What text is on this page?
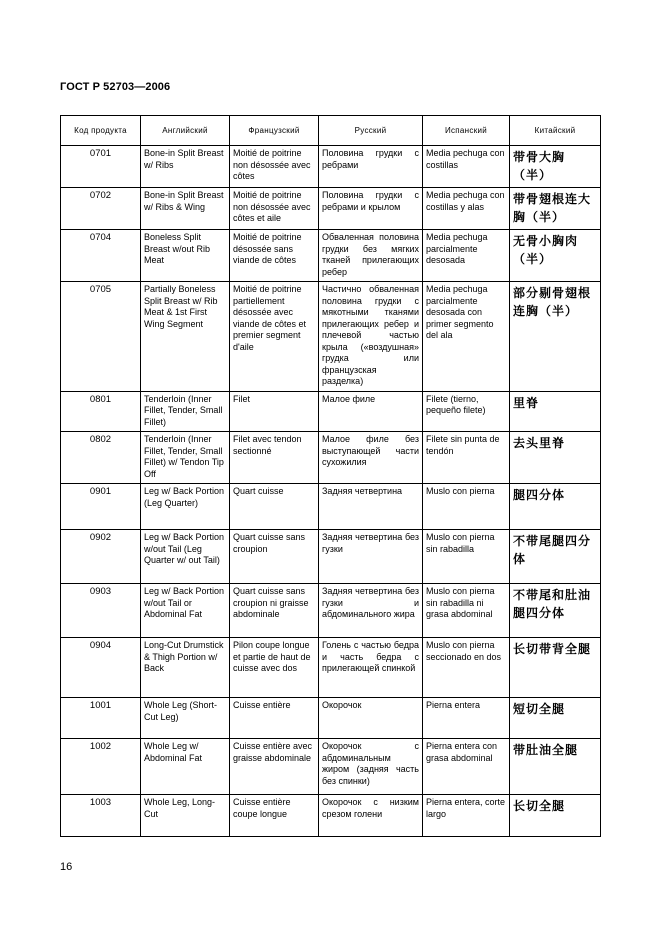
ГОСТ Р 52703—2006
Код продукта	Английский	Французский	Русский	Испанский	Китайский
0701	Bone-in Split Breast w/ Ribs	Moitié de poitrine non désossée avec côtes	Половина грудки с ребрами	Media pechuga con costillas	带骨大胸（半）
0702	Bone-in Split Breast w/ Ribs & Wing	Moitié de poitrine non désossée avec côtes et aile	Половина грудки с ребрами и крылом	Media pechuga con costillas y alas	带骨翅根连大胸（半）
0704	Boneless Split Breast w/out Rib Meat	Moitié de poitrine désossée sans viande de côtes	Обваленная половина грудки без мягких тканей прилегающих ребер	Media pechuga parcialmente desosada	无骨小胸肉（半）
0705	Partially Boneless Split Breast w/ Rib Meat & 1st First Wing Segment	Moitié de poitrine partiellement désossée avec viande de côtes et premier segment d'aile	Частично обваленная половина грудки с мякотными тканями прилегающих ребер и плечевой частью крыла («воздушная» грудка или французская разделка)	Media pechuga parcialmente desosada con primer segmento del ala	部分剔骨翅根连胸（半）
0801	Tenderloin (Inner Fillet, Tender, Small Fillet)	Filet	Малое филе	Filete (tierno, pequeño filete)	里脊
0802	Tenderloin (Inner Fillet, Tender, Small Fillet) w/ Tendon Tip Off	Filet avec tendon sectionné	Малое филе без выступающей части сухожилия	Filete sin punta de tendón	去头里脊
0901	Leg w/ Back Portion (Leg Quarter)	Quart cuisse	Задняя четвертина	Muslo con pierna	腿四分体
0902	Leg w/ Back Portion w/out Tail (Leg Quarter w/ out Tail)	Quart cuisse sans croupion	Задняя четвертина без гузки	Muslo con pierna sin rabadilla	不带尾腿四分体
0903	Leg w/ Back Portion w/out Tail or Abdominal Fat	Quart cuisse sans croupion ni graisse abdominale	Задняя четвертина без гузки и абдоминального жира	Muslo con pierna sin rabadilla ni grasa abdominal	不带尾和肚油腿四分体
0904	Long-Cut Drumstick & Thigh Portion w/ Back	Pilon coupe longue et partie de haut de cuisse avec dos	Голень с частью бедра и часть бедра с прилегающей спинкой	Muslo con pierna seccionado en dos	长切带背全腿
1001	Whole Leg (Short-Cut Leg)	Cuisse entière	Окорочок	Pierna entera	短切全腿
1002	Whole Leg w/ Abdominal Fat	Cuisse entière avec graisse abdominale	Окорочок с абдоминальным жиром (задняя часть без спинки)	Pierna entera con grasa abdominal	带肚油全腿
1003	Whole Leg, Long-Cut	Cuisse entière coupe longue	Окорочок с низким срезом голени	Pierna entera, corte largo	长切全腿
16
